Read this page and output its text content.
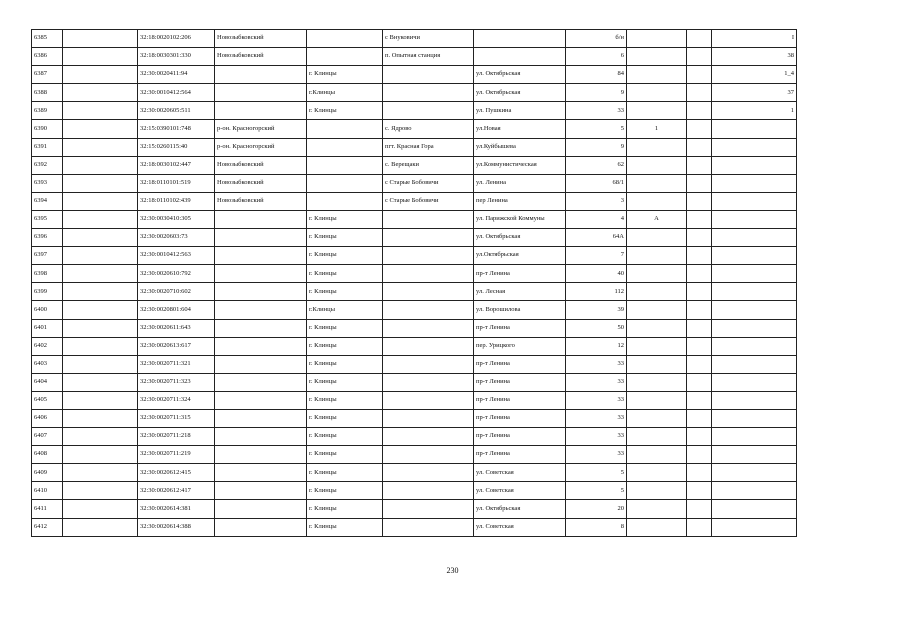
6385		32:18:0020102:206	Новозыбковский		с Внуковичи		б/н			I
6386		32:18:0030301:330	Новозыбковский		п. Опытная станция		6			38
6387		32:30:0020411:94		г. Клинцы		ул. Октябрьская	84			1_4
6388		32:30:0010412:564		г.Клинцы		ул. Октябрьская	9			37
6389		32:30:0020605:511		г. Клинцы		ул. Пушкина	33			1
6390		32:15:0390101:748	р-он. Красногорский		с. Ядрово	ул.Новая	5	1		
6391		32:15:0260115:40	р-он. Красногорский		пгт. Красная Гора	ул.Куйбышева	9			
6392		32:18:0030102:447	Новозыбковский		с. Верещаки	ул.Коммунистическая	62			
6393		32:18:0110101:519	Новозыбковский		с Старые Бобовичи	ул. Ленина	68/1			
6394		32:18:0110102:439	Новозыбковский		с Старые Бобовичи	пер Ленина	3			
6395		32:30:0030410:305		г. Клинцы		ул. Парижской Коммуны	4	А		
6396		32:30:0020603:73		г. Клинцы		ул. Октябрьская	64А			
6397		32:30:0010412:563		г. Клинцы		ул.Октябрьская	7			
6398		32:30:0020610:792		г. Клинцы		пр-т Ленина	40			
6399		32:30:0020710:602		г. Клинцы		ул. Лесная	112			
6400		32:30:0020801:604		г.Клинцы		ул. Ворошилова	39			
6401		32:30:0020611:643		г. Клинцы		пр-т Ленина	50			
6402		32:30:0020613:617		г. Клинцы		пер. Урицкого	12			
6403		32:30:0020711:321		г. Клинцы		пр-т Ленина	33			
6404		32:30:0020711:323		г. Клинцы		пр-т Ленина	33			
6405		32:30:0020711:324		г. Клинцы		пр-т Ленина	33			
6406		32:30:0020711:315		г. Клинцы		пр-т Ленина	33			
6407		32:30:0020711:218		г. Клинцы		пр-т Ленина	33			
6408		32:30:0020711:219		г. Клинцы		пр-т Ленина	33			
6409		32:30:0020612:415		г. Клинцы		ул. Советская	5			
6410		32:30:0020612:417		г. Клинцы		ул. Советская	5			
6411		32:30:0020614:381		г. Клинцы		ул. Октябрьская	20			
6412		32:30:0020614:388		г. Клинцы		ул. Советская	8			
230
